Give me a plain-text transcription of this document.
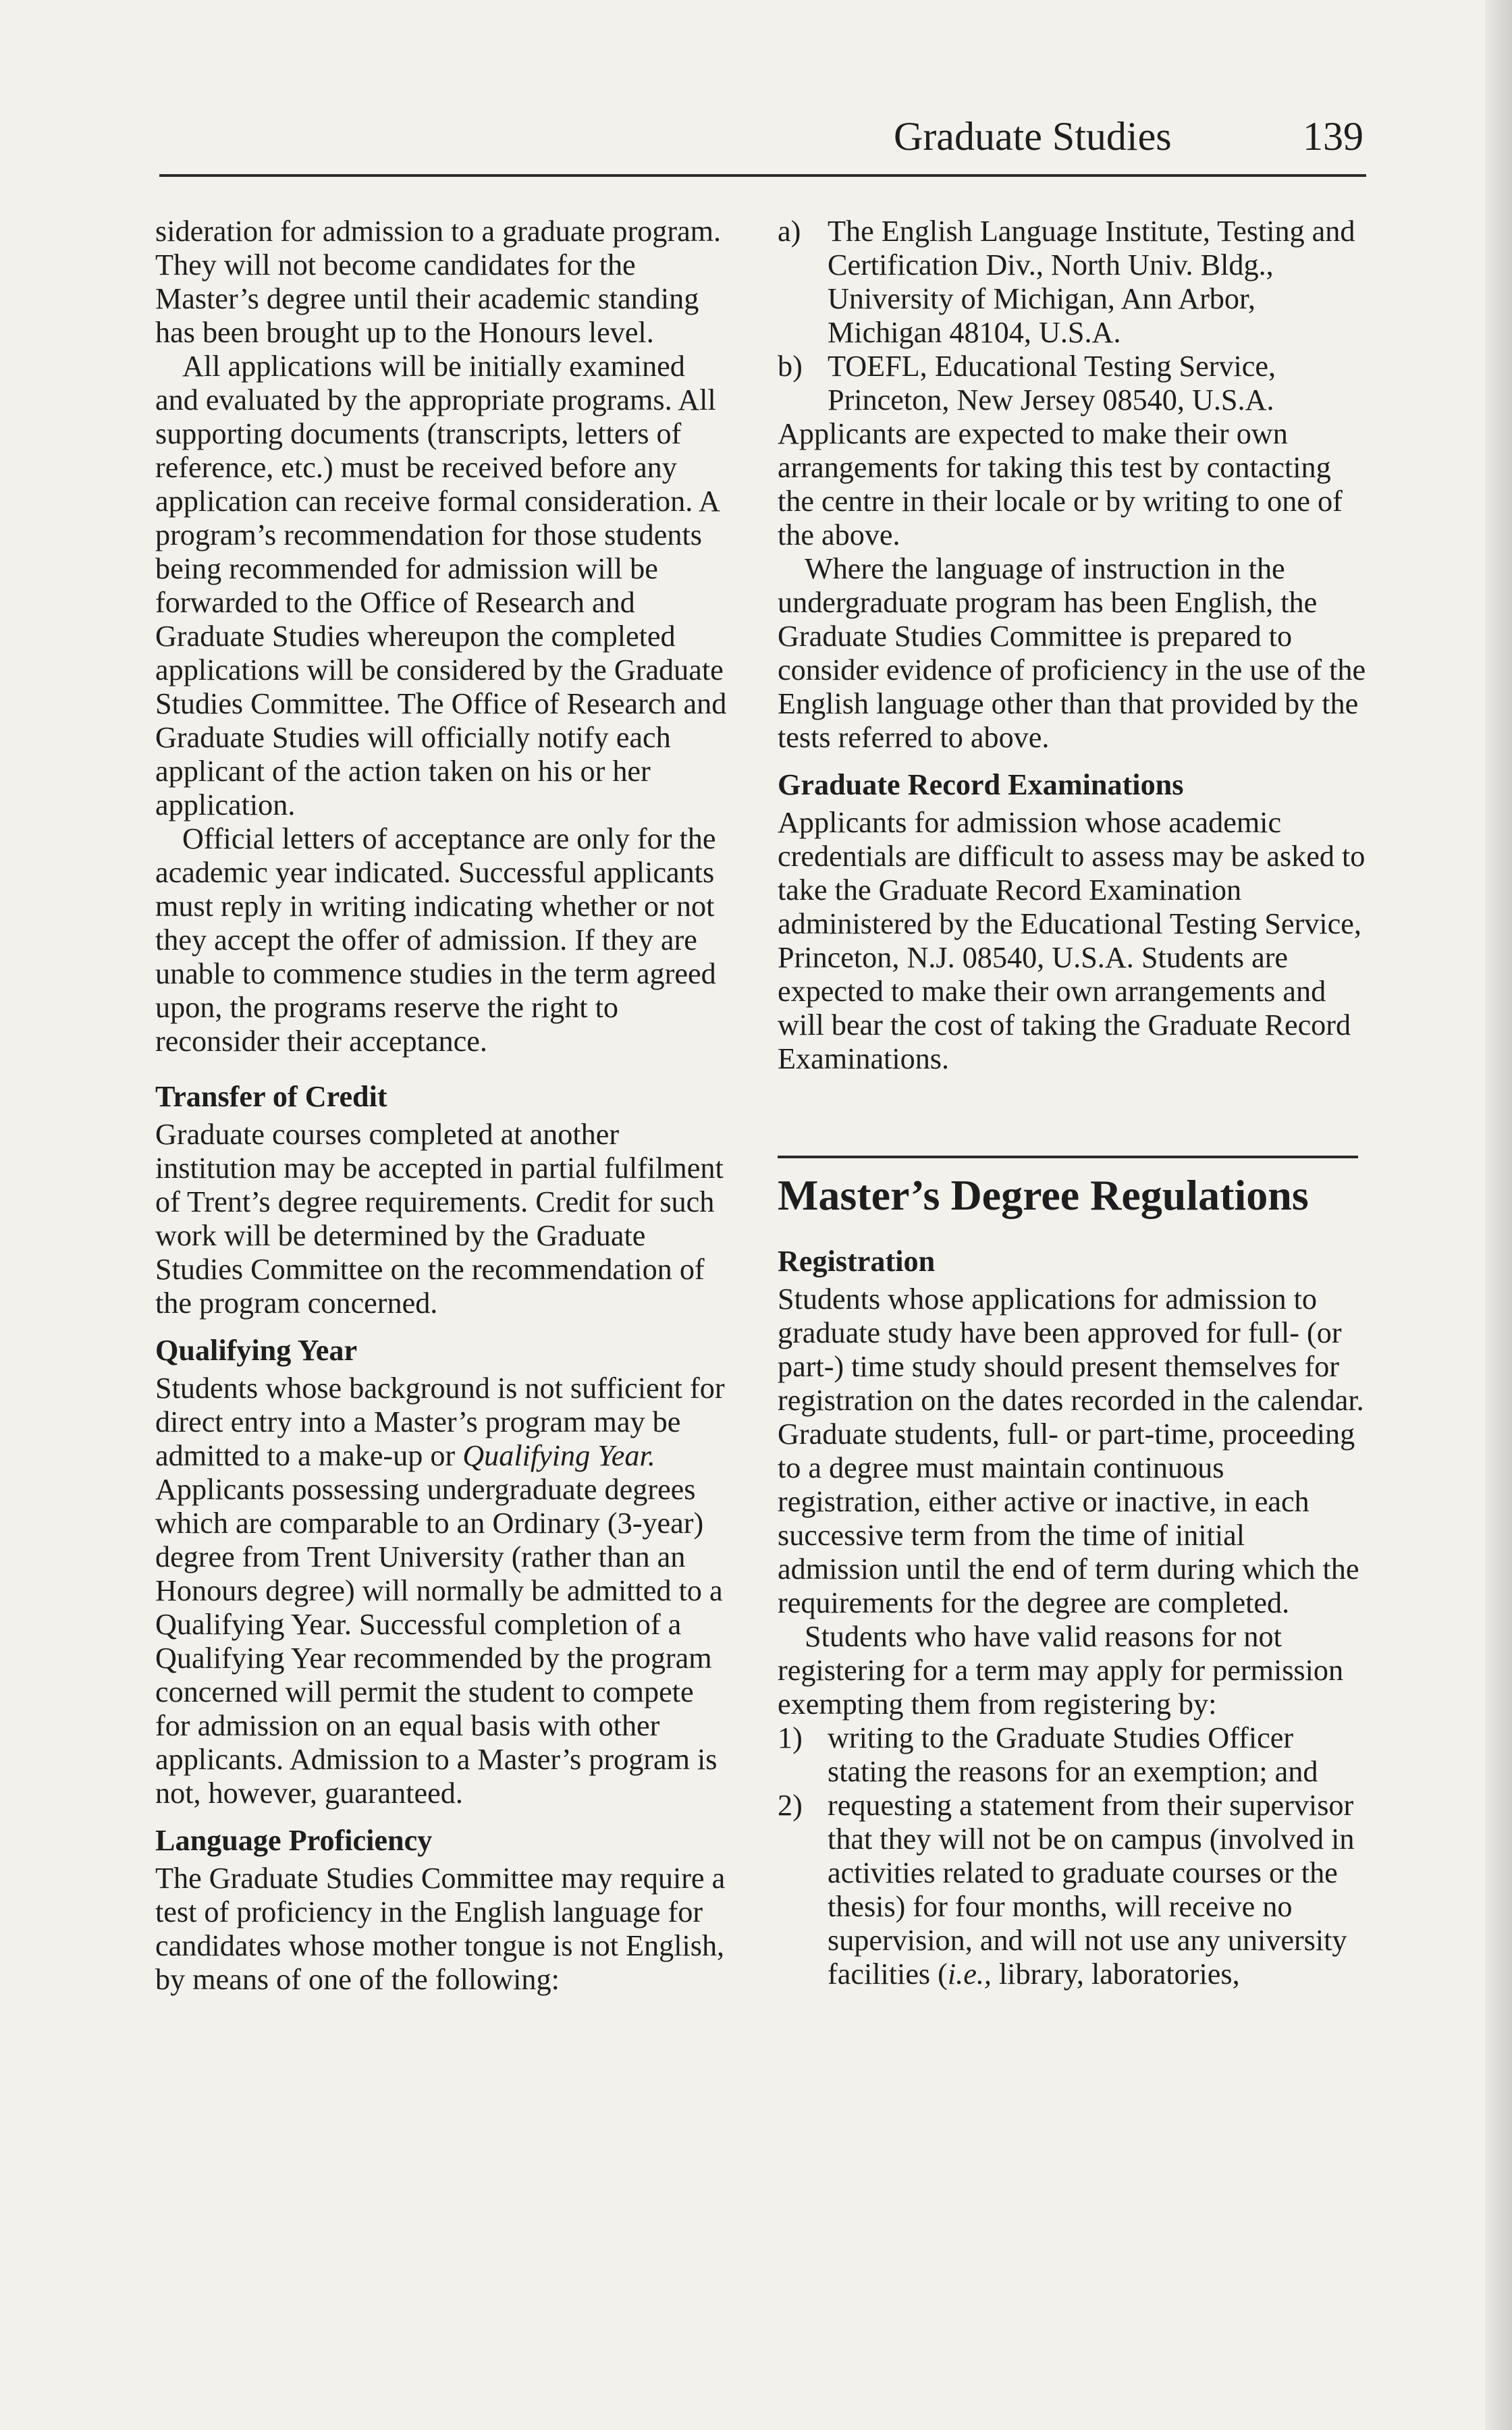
Graduate Studies	139

sideration for admission to a graduate program. They will not become candidates for the Master’s degree until their academic standing has been brought up to the Honours level.

All applications will be initially examined and evaluated by the appropriate programs. All supporting documents (transcripts, letters of reference, etc.) must be received before any application can receive formal consideration. A program’s recommendation for those students being recommended for admission will be forwarded to the Office of Research and Graduate Studies whereupon the completed applications will be considered by the Graduate Studies Committee. The Office of Research and Graduate Studies will officially notify each applicant of the action taken on his or her application.

Official letters of acceptance are only for the academic year indicated. Successful applicants must reply in writing indicating whether or not they accept the offer of admission. If they are unable to commence studies in the term agreed upon, the programs reserve the right to reconsider their acceptance.

Transfer of Credit

Graduate courses completed at another institution may be accepted in partial fulfilment of Trent’s degree requirements. Credit for such work will be determined by the Graduate Studies Committee on the recommendation of the program concerned.

Qualifying Year

Students whose background is not sufficient for direct entry into a Master’s program may be admitted to a make-up or Qualifying Year. Applicants possessing undergraduate degrees which are comparable to an Ordinary (3-year) degree from Trent University (rather than an Honours degree) will normally be admitted to a Qualifying Year. Successful completion of a Qualifying Year recommended by the program concerned will permit the student to compete for admission on an equal basis with other applicants. Admission to a Master’s program is not, however, guaranteed.

Language Proficiency

The Graduate Studies Committee may require a test of proficiency in the English language for candidates whose mother tongue is not English, by means of one of the following:

a) The English Language Institute, Testing and Certification Div., North Univ. Bldg., University of Michigan, Ann Arbor, Michigan 48104, U.S.A.
b) TOEFL, Educational Testing Service, Princeton, New Jersey 08540, U.S.A.

Applicants are expected to make their own arrangements for taking this test by contacting the centre in their locale or by writing to one of the above.

Where the language of instruction in the undergraduate program has been English, the Graduate Studies Committee is prepared to consider evidence of proficiency in the use of the English language other than that provided by the tests referred to above.

Graduate Record Examinations

Applicants for admission whose academic credentials are difficult to assess may be asked to take the Graduate Record Examination administered by the Educational Testing Service, Princeton, N.J. 08540, U.S.A. Students are expected to make their own arrangements and will bear the cost of taking the Graduate Record Examinations.

Master’s Degree Regulations
Registration

Students whose applications for admission to graduate study have been approved for full- (or part-) time study should present themselves for registration on the dates recorded in the calendar. Graduate students, full- or part-time, proceeding to a degree must maintain continuous registration, either active or inactive, in each successive term from the time of initial admission until the end of term during which the requirements for the degree are completed.

Students who have valid reasons for not registering for a term may apply for permission exempting them from registering by:

1) writing to the Graduate Studies Officer stating the reasons for an exemption; and
2) requesting a statement from their supervisor that they will not be on campus (involved in activities related to graduate courses or the thesis) for four months, will receive no supervision, and will not use any university facilities (i.e., library, laboratories,
